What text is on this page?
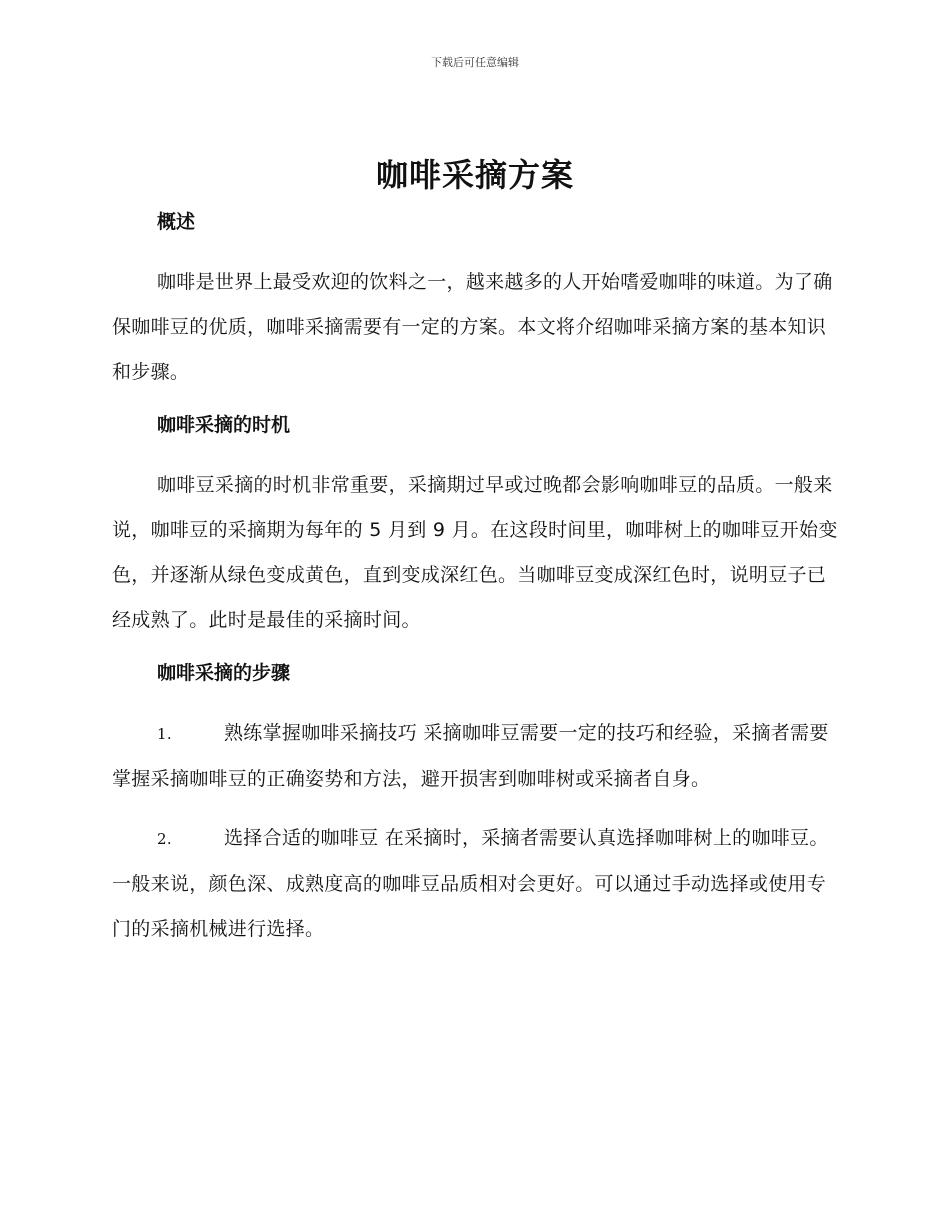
下载后可任意编辑
咖啡采摘方案
概述

咖啡是世界上最受欢迎的饮料之一，越来越多的人开始嗜爱咖啡的味道。为了确保咖啡豆的优质，咖啡采摘需要有一定的方案。本文将介绍咖啡采摘方案的基本知识和步骤。

咖啡采摘的时机

咖啡豆采摘的时机非常重要，采摘期过早或过晚都会影响咖啡豆的品质。一般来说，咖啡豆的采摘期为每年的 5 月到 9 月。在这段时间里，咖啡树上的咖啡豆开始变色，并逐渐从绿色变成黄色，直到变成深红色。当咖啡豆变成深红色时，说明豆子已经成熟了。此时是最佳的采摘时间。

咖啡采摘的步骤

1.	熟练掌握咖啡采摘技巧 采摘咖啡豆需要一定的技巧和经验，采摘者需要掌握采摘咖啡豆的正确姿势和方法，避开损害到咖啡树或采摘者自身。

2.	选择合适的咖啡豆 在采摘时，采摘者需要认真选择咖啡树上的咖啡豆。一般来说，颜色深、成熟度高的咖啡豆品质相对会更好。可以通过手动选择或使用专门的采摘机械进行选择。
